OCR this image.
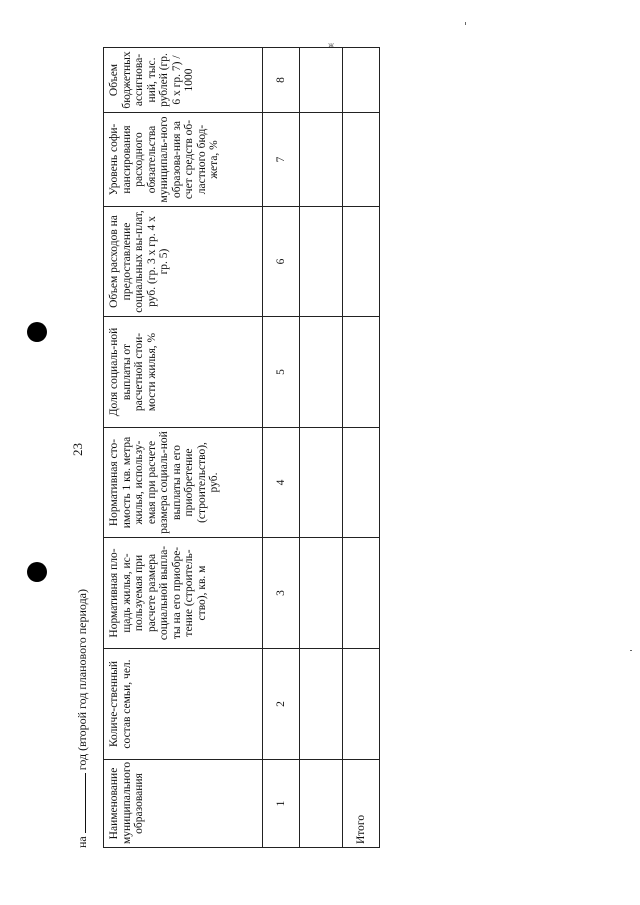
ж
23
нагод (второй год планового периода)
Наименование муниципального образования	Количе-ственный состав семьи, чел.	Нормативная пло-щадь жилья, ис-пользуемая при расчете размера социальной выпла-ты на его приобре-тение (строитель-ство), кв. м	Нормативная сто-имость 1 кв. метра жилья, использу-емая при расчете размера социаль-ной выплаты на его приобретение (строительство), руб.	Доля социаль-ной выплаты от расчетной стои-мости жилья, %	Объем расходов на предоставление социальных вы-плат, руб. (гр. 3 х гр. 4 х гр. 5)	Уровень софи-нансирования расходного обязательства муниципаль-ного образова-ния за счет средств об-ластного бюд-жета, %	Объем бюджетных ассигнова-ний, тыс. рублей (гр. 6 х гр. 7) / 1000
1	2	3	4	5	6	7	8

Итого							
